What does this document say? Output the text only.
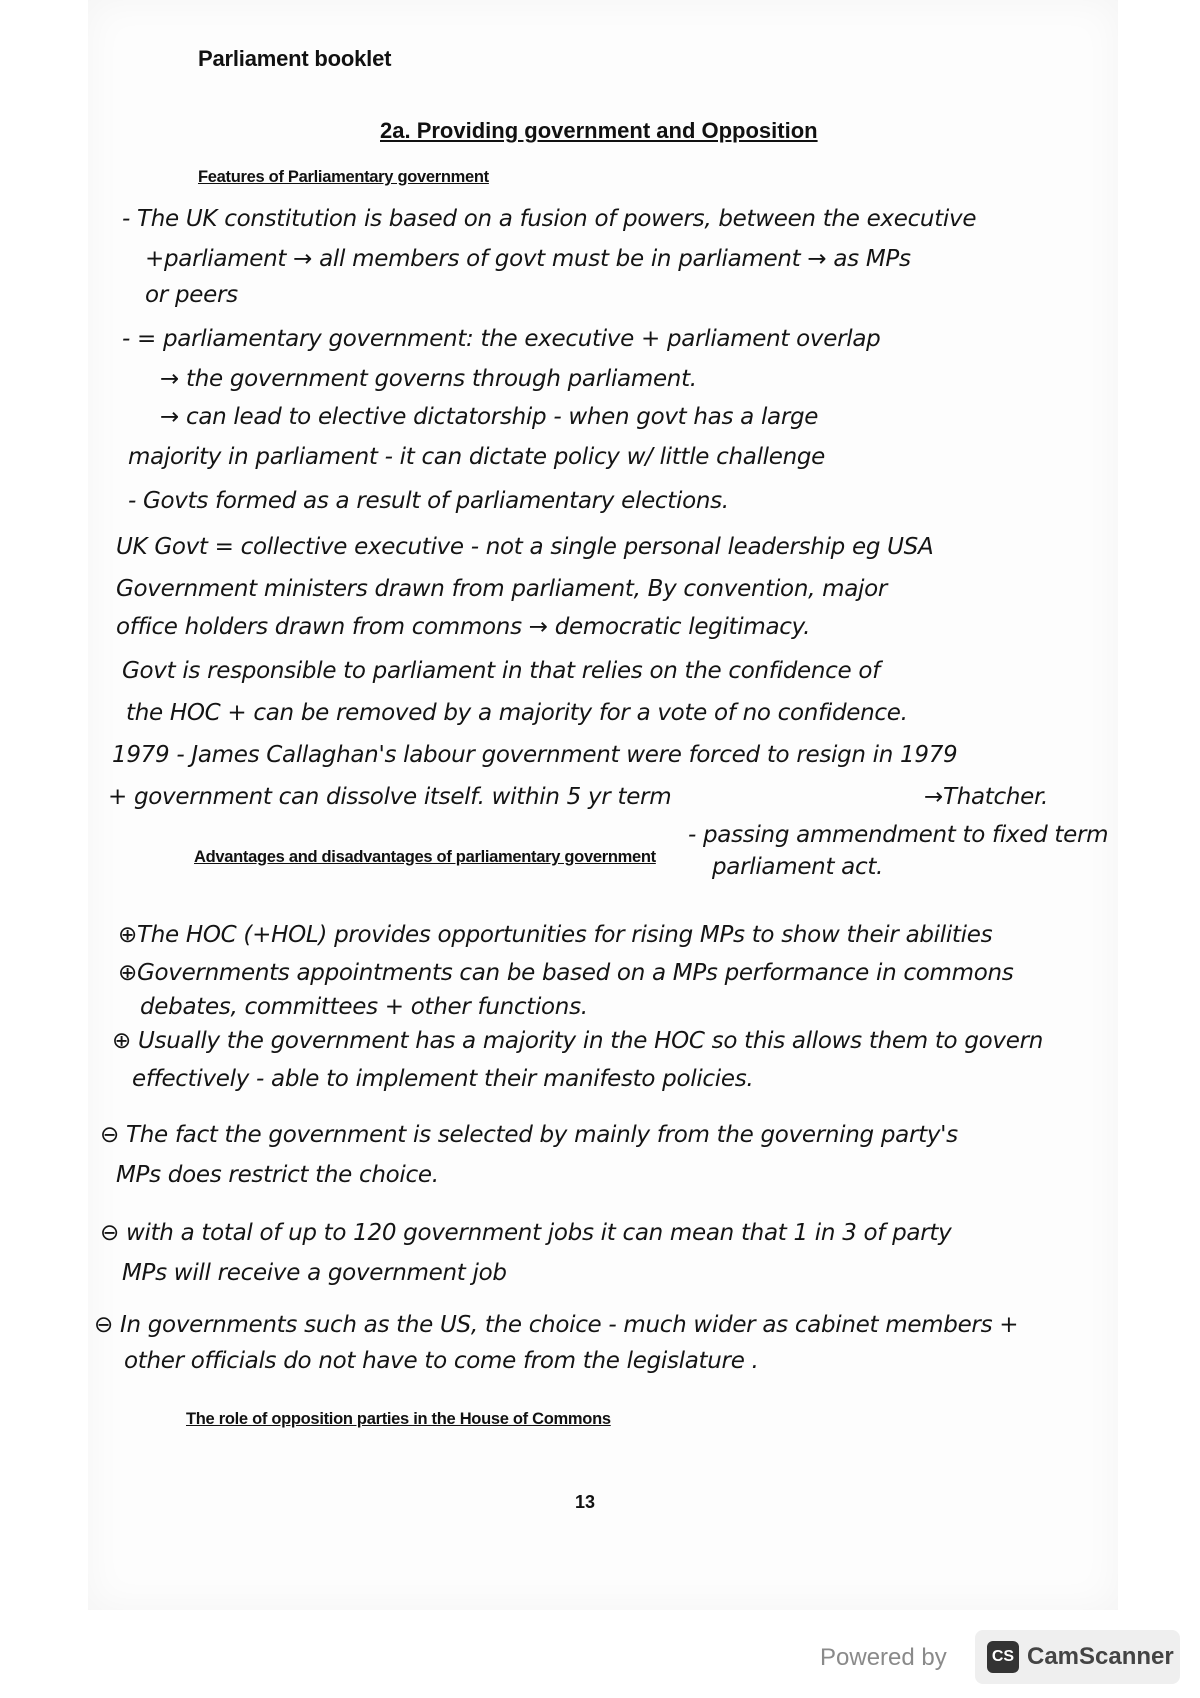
Parliament booklet
2a. Providing government and Opposition
Features of Parliamentary government
- The UK constitution is based on a fusion of powers, between the executive
+parliament → all members of govt must be in parliament → as MPs
or peers
- = parliamentary government: the executive + parliament overlap
→ the government governs through parliament.
→ can lead to elective dictatorship - when govt has a large
majority in parliament - it can dictate policy w/ little challenge
- Govts formed as a result of parliamentary elections.
UK Govt = collective executive - not a single personal leadership eg USA
Government ministers drawn from parliament, By convention, major
office holders drawn from commons → democratic legitimacy.
Govt is responsible to parliament in that relies on the confidence of
the HOC + can be removed by a majority for a vote of no confidence.
1979 - James Callaghan's labour government were forced to resign in 1979
+ government can dissolve itself. within 5 yr term	→Thatcher.
- passing ammendment to fixed term
parliament act.
Advantages and disadvantages of parliamentary government
⊕The HOC (+HOL) provides opportunities for rising MPs to show their abilities
⊕Governments appointments can be based on a MPs performance in commons
debates, committees + other functions.
⊕ Usually the government has a majority in the HOC so this allows them to govern
effectively - able to implement their manifesto policies.
⊖ The fact the government is selected by mainly from the governing party's
MPs does restrict the choice.
⊖ with a total of up to 120 government jobs it can mean that 1 in 3 of party
MPs will receive a government job
⊖ In governments such as the US, the choice - much wider as cabinet members +
other officials do not have to come from the legislature .
The role of opposition parties in the House of Commons
13
Powered by	CS CamScanner
